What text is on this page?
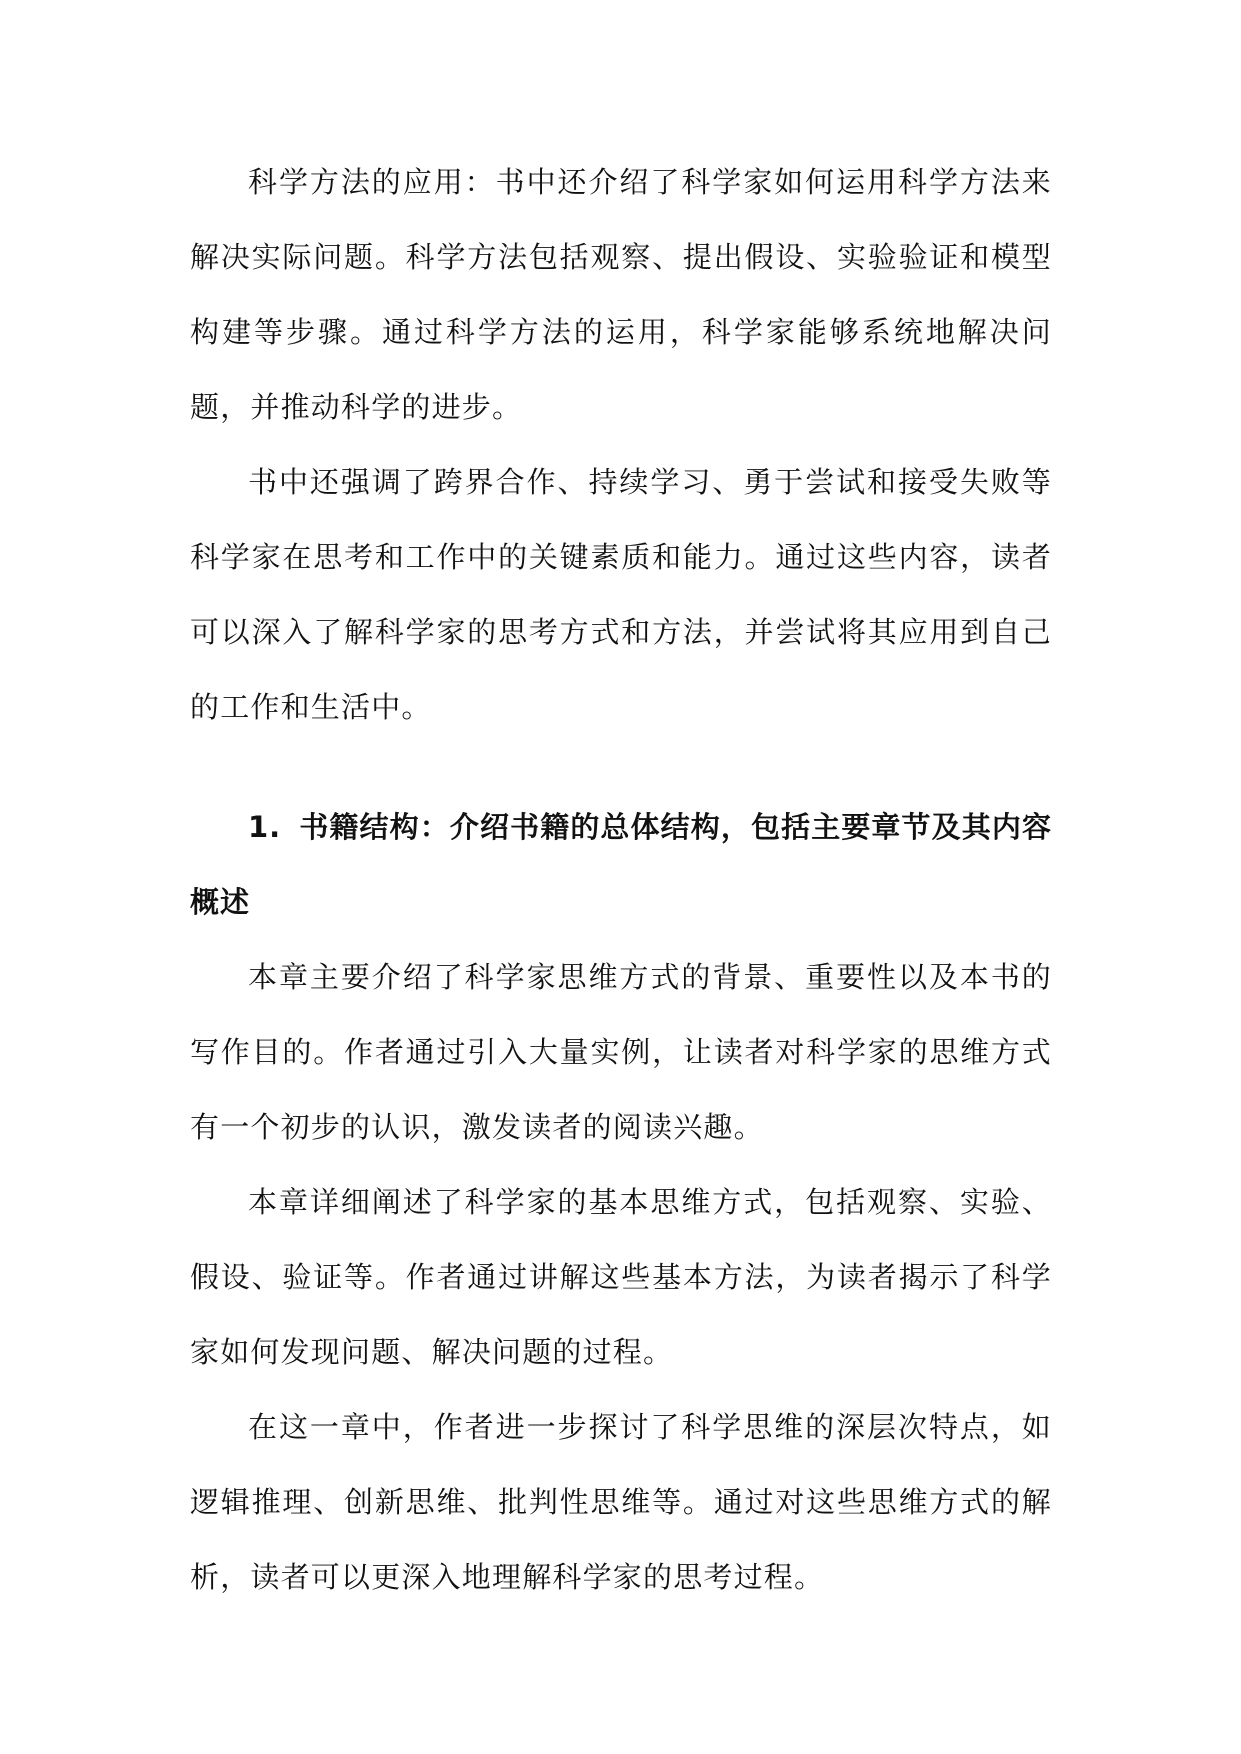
科学方法的应用：书中还介绍了科学家如何运用科学方法来解决实际问题。科学方法包括观察、提出假设、实验验证和模型构建等步骤。通过科学方法的运用，科学家能够系统地解决问题，并推动科学的进步。

书中还强调了跨界合作、持续学习、勇于尝试和接受失败等科学家在思考和工作中的关键素质和能力。通过这些内容，读者可以深入了解科学家的思考方式和方法，并尝试将其应用到自己的工作和生活中。

1. 书籍结构：介绍书籍的总体结构，包括主要章节及其内容概述

本章主要介绍了科学家思维方式的背景、重要性以及本书的写作目的。作者通过引入大量实例，让读者对科学家的思维方式有一个初步的认识，激发读者的阅读兴趣。

本章详细阐述了科学家的基本思维方式，包括观察、实验、假设、验证等。作者通过讲解这些基本方法，为读者揭示了科学家如何发现问题、解决问题的过程。

在这一章中，作者进一步探讨了科学思维的深层次特点，如逻辑推理、创新思维、批判性思维等。通过对这些思维方式的解析，读者可以更深入地理解科学家的思考过程。
